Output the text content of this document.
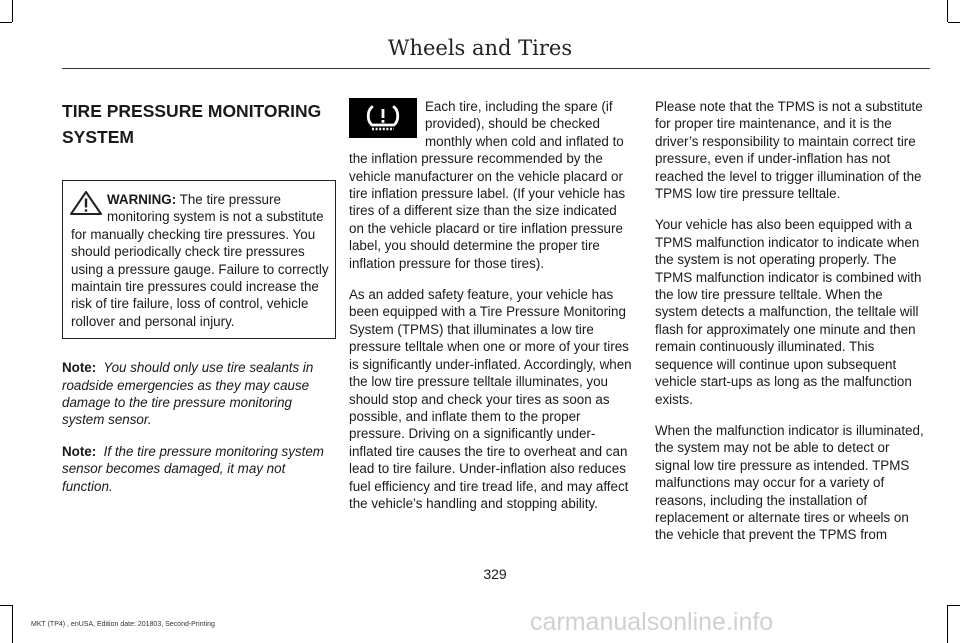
Wheels and Tires
TIRE PRESSURE MONITORING
SYSTEM
WARNING: The tire pressure monitoring system is not a substitute for manually checking tire pressures. You should periodically check tire pressures using a pressure gauge. Failure to correctly maintain tire pressures could increase the risk of tire failure, loss of control, vehicle rollover and personal injury.

Note: You should only use tire sealants in roadside emergencies as they may cause damage to the tire pressure monitoring system sensor.

Note: If the tire pressure monitoring system sensor becomes damaged, it may not function.

Each tire, including the spare (if provided), should be checked monthly when cold and inflated to the inflation pressure recommended by the vehicle manufacturer on the vehicle placard or tire inflation pressure label. (If your vehicle has tires of a different size than the size indicated on the vehicle placard or tire inflation pressure label, you should determine the proper tire inflation pressure for those tires).

As an added safety feature, your vehicle has been equipped with a Tire Pressure Monitoring System (TPMS) that illuminates a low tire pressure telltale when one or more of your tires is significantly under-inflated. Accordingly, when the low tire pressure telltale illuminates, you should stop and check your tires as soon as possible, and inflate them to the proper pressure. Driving on a significantly under-inflated tire causes the tire to overheat and can lead to tire failure. Under-inflation also reduces fuel efficiency and tire tread life, and may affect the vehicle’s handling and stopping ability.

Please note that the TPMS is not a substitute for proper tire maintenance, and it is the driver’s responsibility to maintain correct tire pressure, even if under-inflation has not reached the level to trigger illumination of the TPMS low tire pressure telltale.

Your vehicle has also been equipped with a TPMS malfunction indicator to indicate when the system is not operating properly. The TPMS malfunction indicator is combined with the low tire pressure telltale. When the system detects a malfunction, the telltale will flash for approximately one minute and then remain continuously illuminated. This sequence will continue upon subsequent vehicle start-ups as long as the malfunction exists.

When the malfunction indicator is illuminated, the system may not be able to detect or signal low tire pressure as intended. TPMS malfunctions may occur for a variety of reasons, including the installation of replacement or alternate tires or wheels on the vehicle that prevent the TPMS from

329
MKT (TP4) , enUSA, Edition date: 201803, Second-Printing	carmanualsonline.info
